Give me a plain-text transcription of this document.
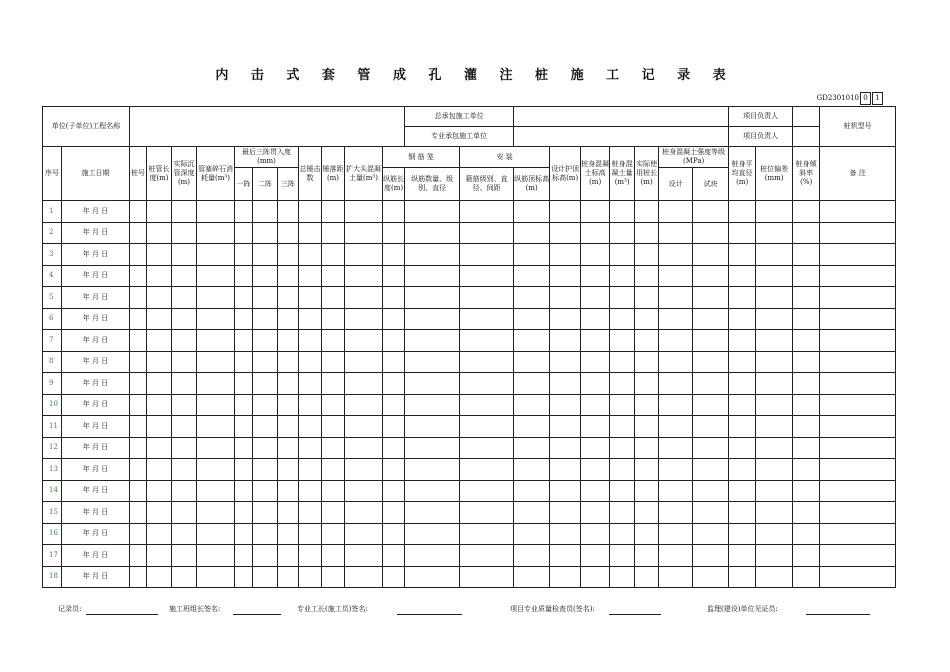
内 击 式 套 管 成 孔 灌 注 桩 施 工 记 录 表
GD2301010 0	1
单位(子单位)工程名称													总承包施工单位									项目负责人			桩机型号	
													专业承包施工单位									项目负责人				
序号	施工日期	桩号	桩管长度(m)	实际沉管深度(m)	管塞碎石消耗量(m³)	最后三阵贯入度(mm)			总锤击数	锤落距(m)	扩大头混凝土量(m³)	钢 筋 笼		安 装		设计护顶标高(m)	桩身混凝土标高(m)	桩身混凝土量(m³)	实际使用桩长(m)	桩身混凝土强度等级(MPa)		桩身平均直径(m)	桩位偏差(mm)	桩身倾斜率(%)	备 注	
						一阵	二阵	三阵				纵筋长度(m)	纵筋数量、级别、直径	箍筋级别、直径、间距	纵筋顶标高(m)					设计	试块					
1	年 月 日																									
2	年 月 日																									
3	年 月 日																									
4	年 月 日																									
5	年 月 日																									
6	年 月 日																									
7	年 月 日																									
8	年 月 日																									
9	年 月 日																									
10	年 月 日																									
11	年 月 日																									
12	年 月 日																									
13	年 月 日																									
14	年 月 日																									
15	年 月 日																									
16	年 月 日																									
17	年 月 日																									
18	年 月 日																									
记录员:	施工班组长签名:	专业工长(施工员)签名:	项目专业质量检查员(签名):	监理(建设)单位见证员:
